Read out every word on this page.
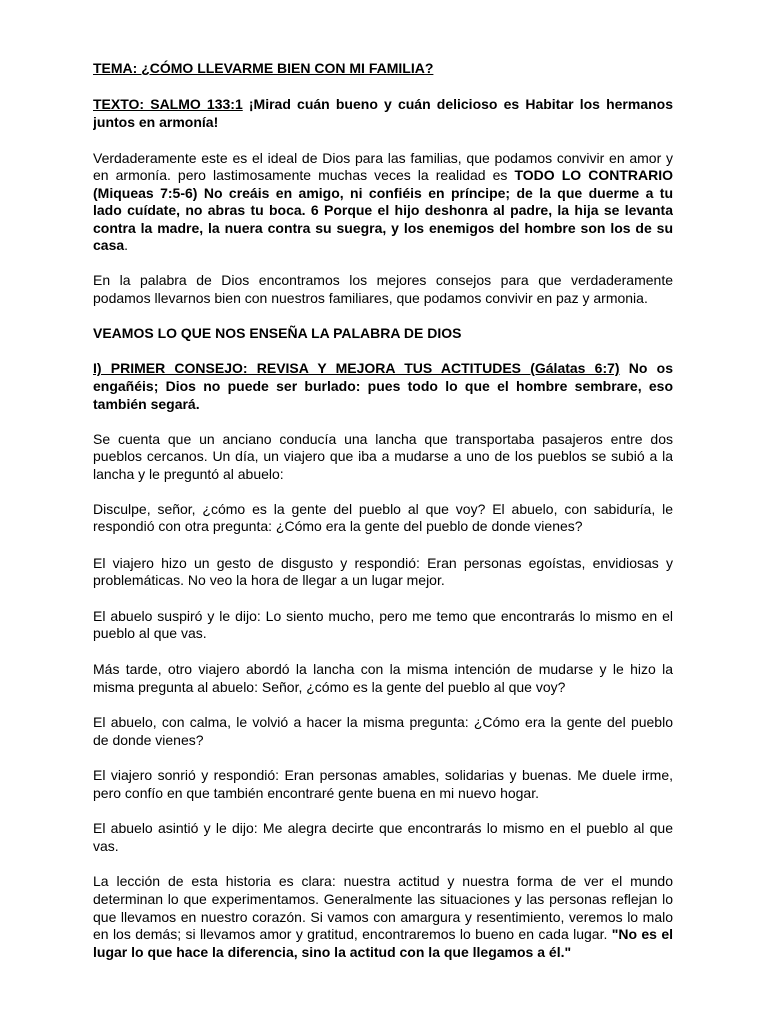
TEMA: ¿CÓMO LLEVARME BIEN CON MI FAMILIA?
TEXTO: SALMO 133:1 ¡Mirad cuán bueno y cuán delicioso es Habitar los hermanos
juntos en armonía!
Verdaderamente este es el ideal de Dios para las familias, que podamos convivir en amor y
en armonía. pero lastimosamente muchas veces la realidad es TODO LO CONTRARIO
(Miqueas 7:5-6) No creáis en amigo, ni confiéis en príncipe; de la que duerme a tu
lado cuídate, no abras tu boca. 6 Porque el hijo deshonra al padre, la hija se levanta
contra la madre, la nuera contra su suegra, y los enemigos del hombre son los de su
casa.
En la palabra de Dios encontramos los mejores consejos para que verdaderamente
podamos llevarnos bien con nuestros familiares, que podamos convivir en paz y armonia.
VEAMOS LO QUE NOS ENSEÑA LA PALABRA DE DIOS
I) PRIMER CONSEJO: REVISA Y MEJORA TUS ACTITUDES (Gálatas 6:7) No os
engañéis; Dios no puede ser burlado: pues todo lo que el hombre sembrare, eso
también segará.
Se cuenta que un anciano conducía una lancha que transportaba pasajeros entre dos
pueblos cercanos. Un día, un viajero que iba a mudarse a uno de los pueblos se subió a la
lancha y le preguntó al abuelo:
Disculpe, señor, ¿cómo es la gente del pueblo al que voy? El abuelo, con sabiduría, le
respondió con otra pregunta: ¿Cómo era la gente del pueblo de donde vienes?
El viajero hizo un gesto de disgusto y respondió: Eran personas egoístas, envidiosas y
problemáticas. No veo la hora de llegar a un lugar mejor.
El abuelo suspiró y le dijo: Lo siento mucho, pero me temo que encontrarás lo mismo en el
pueblo al que vas.
Más tarde, otro viajero abordó la lancha con la misma intención de mudarse y le hizo la
misma pregunta al abuelo: Señor, ¿cómo es la gente del pueblo al que voy?
El abuelo, con calma, le volvió a hacer la misma pregunta: ¿Cómo era la gente del pueblo
de donde vienes?
El viajero sonrió y respondió: Eran personas amables, solidarias y buenas. Me duele irme,
pero confío en que también encontraré gente buena en mi nuevo hogar.
El abuelo asintió y le dijo: Me alegra decirte que encontrarás lo mismo en el pueblo al que
vas.
La lección de esta historia es clara: nuestra actitud y nuestra forma de ver el mundo
determinan lo que experimentamos. Generalmente las situaciones y las personas reflejan lo
que llevamos en nuestro corazón. Si vamos con amargura y resentimiento, veremos lo malo
en los demás; si llevamos amor y gratitud, encontraremos lo bueno en cada lugar. "No es el
lugar lo que hace la diferencia, sino la actitud con la que llegamos a él."
